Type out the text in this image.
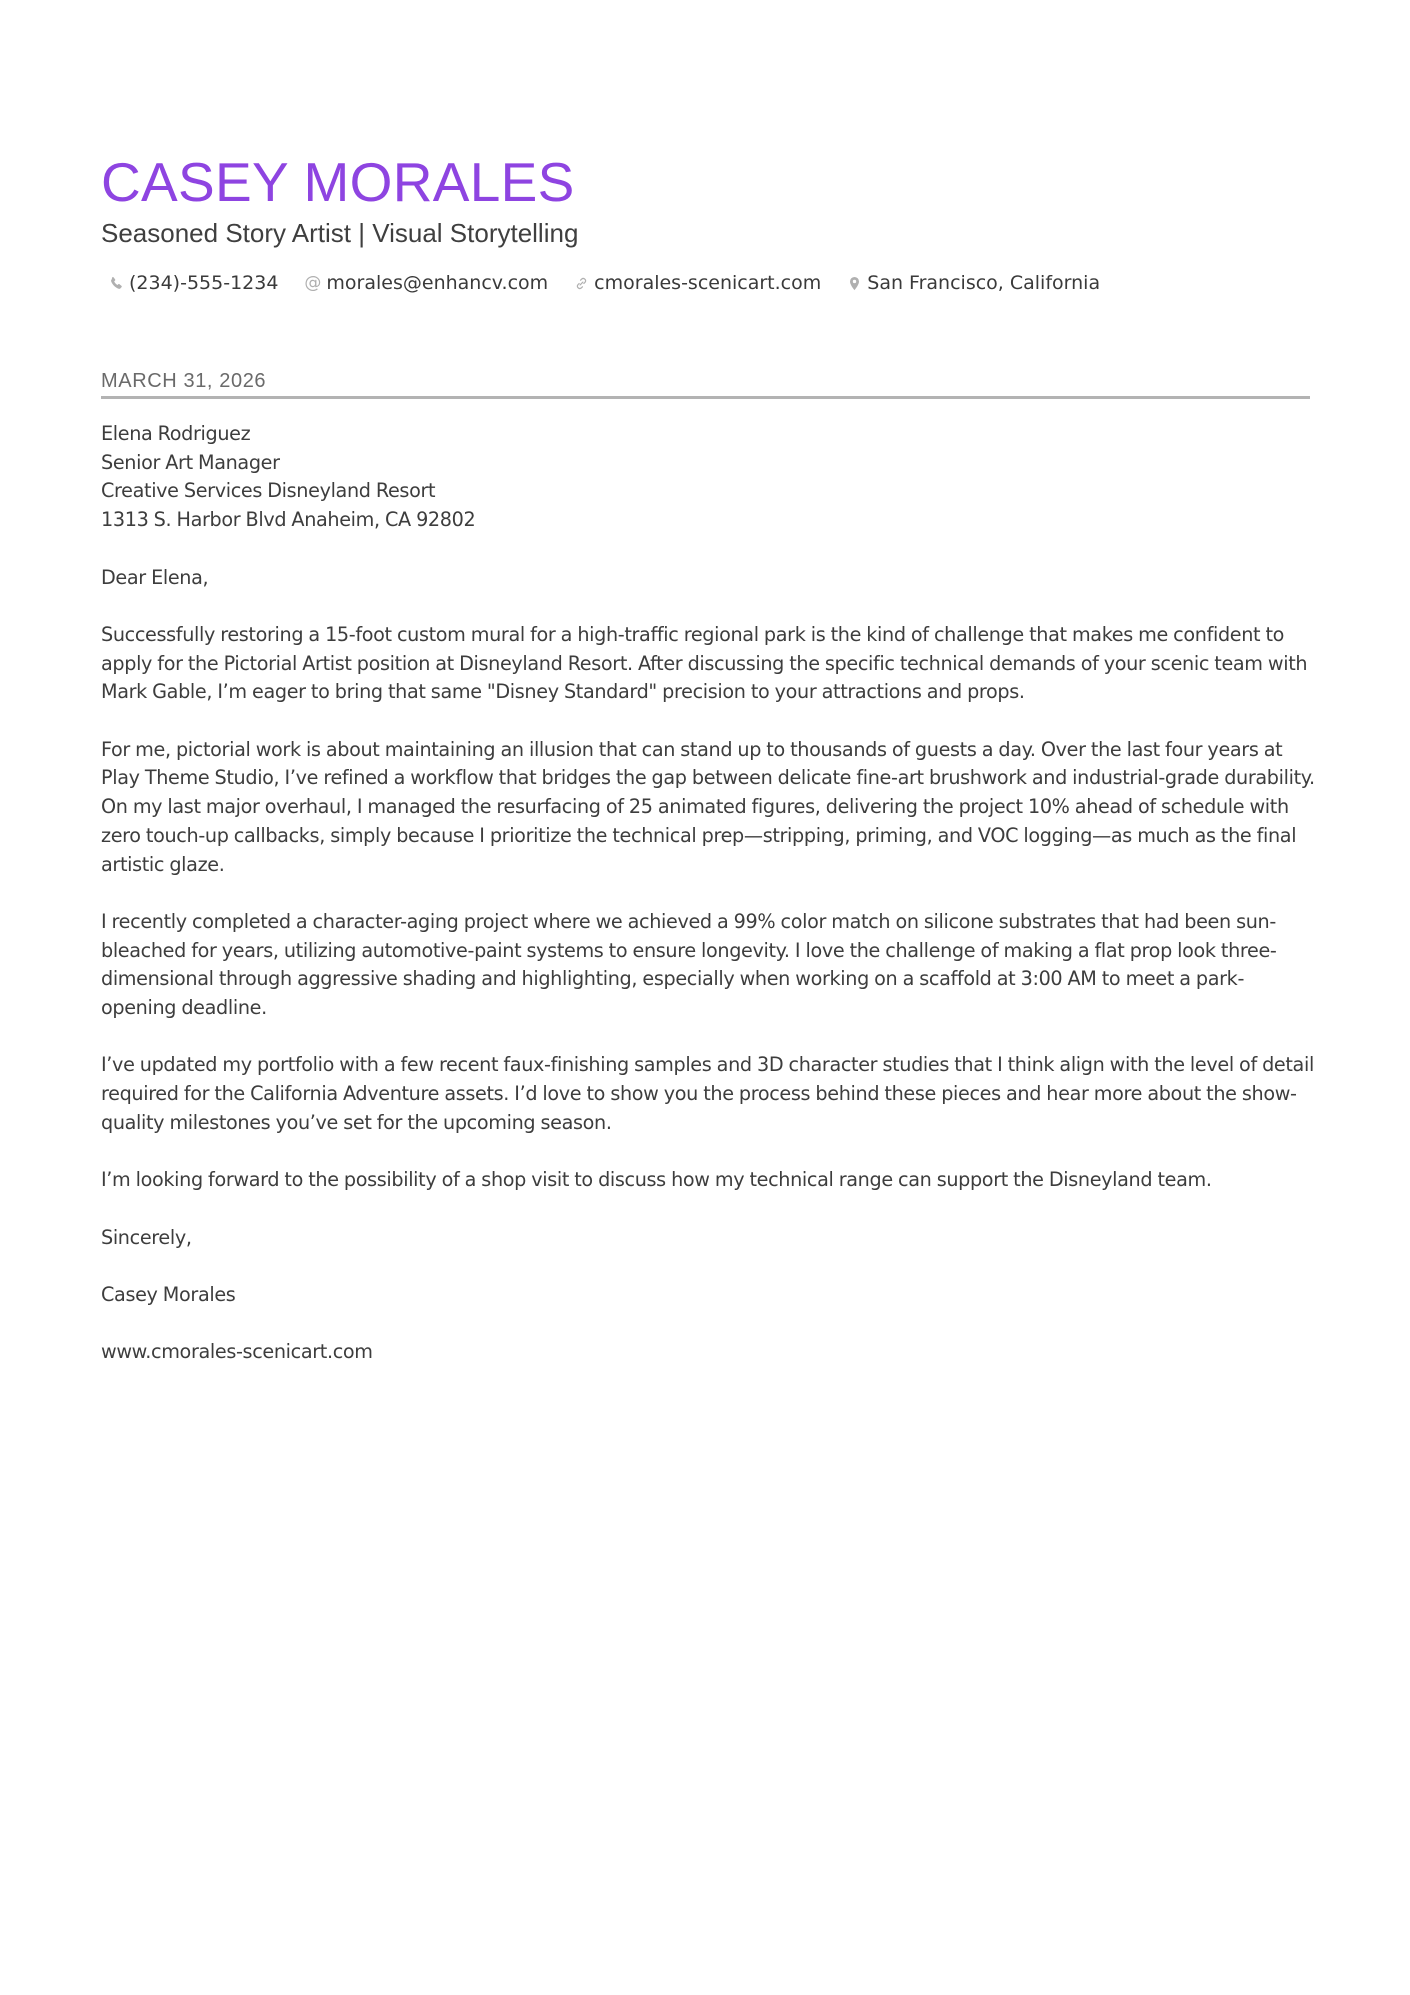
CASEY MORALES
Seasoned Story Artist | Visual Storytelling
(234)-555-1234 @ morales@enhancv.com cmorales-scenicart.com San Francisco, California
MARCH 31, 2026

Elena Rodriguez
Senior Art Manager
Creative Services Disneyland Resort
1313 S. Harbor Blvd Anaheim, CA 92802

Dear Elena,

Successfully restoring a 15-foot custom mural for a high-traffic regional park is the kind of challenge that makes me confident to apply for the Pictorial Artist position at Disneyland Resort. After discussing the specific technical demands of your scenic team with Mark Gable, I’m eager to bring that same "Disney Standard" precision to your attractions and props.

For me, pictorial work is about maintaining an illusion that can stand up to thousands of guests a day. Over the last four years at Play Theme Studio, I’ve refined a workflow that bridges the gap between delicate fine-art brushwork and industrial-grade durability. On my last major overhaul, I managed the resurfacing of 25 animated figures, delivering the project 10% ahead of schedule with zero touch-up callbacks, simply because I prioritize the technical prep—stripping, priming, and VOC logging—as much as the final artistic glaze.

I recently completed a character-aging project where we achieved a 99% color match on silicone substrates that had been sun-bleached for years, utilizing automotive-paint systems to ensure longevity. I love the challenge of making a flat prop look three-dimensional through aggressive shading and highlighting, especially when working on a scaffold at 3:00 AM to meet a park-opening deadline.

I’ve updated my portfolio with a few recent faux-finishing samples and 3D character studies that I think align with the level of detail required for the California Adventure assets. I’d love to show you the process behind these pieces and hear more about the show-quality milestones you’ve set for the upcoming season.

I’m looking forward to the possibility of a shop visit to discuss how my technical range can support the Disneyland team.

Sincerely,

Casey Morales

www.cmorales-scenicart.com
